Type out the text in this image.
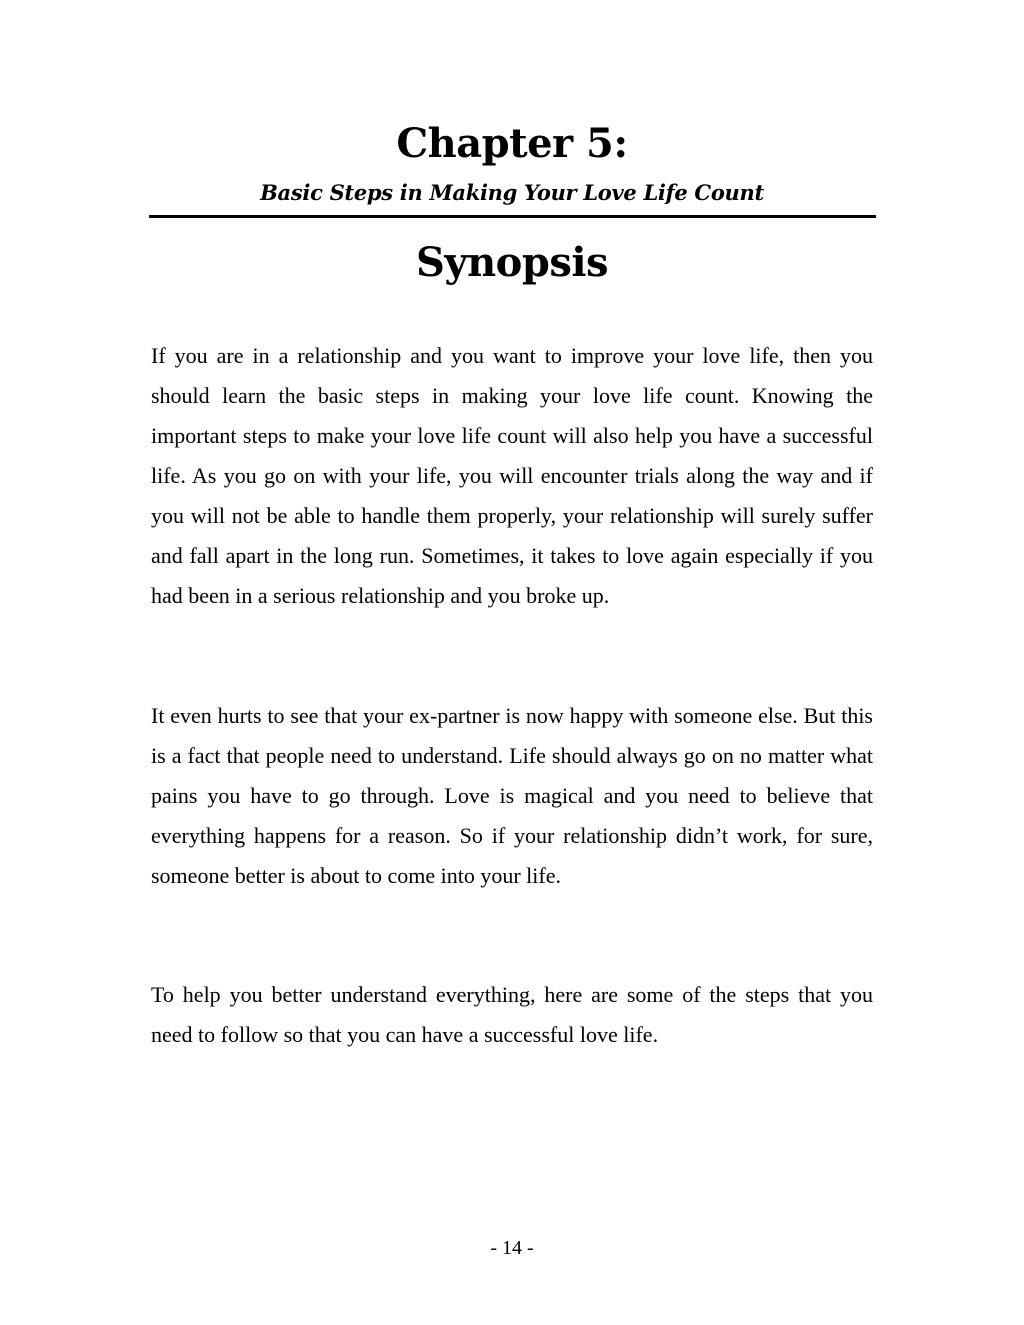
Chapter 5:
Basic Steps in Making Your Love Life Count
Synopsis

If you are in a relationship and you want to improve your love life, then you should learn the basic steps in making your love life count. Knowing the important steps to make your love life count will also help you have a successful life. As you go on with your life, you will encounter trials along the way and if you will not be able to handle them properly, your relationship will surely suffer and fall apart in the long run. Sometimes, it takes to love again especially if you had been in a serious relationship and you broke up.

It even hurts to see that your ex-partner is now happy with someone else. But this is a fact that people need to understand. Life should always go on no matter what pains you have to go through. Love is magical and you need to believe that everything happens for a reason. So if your relationship didn’t work, for sure, someone better is about to come into your life.

To help you better understand everything, here are some of the steps that you need to follow so that you can have a successful love life.

- 14 -
